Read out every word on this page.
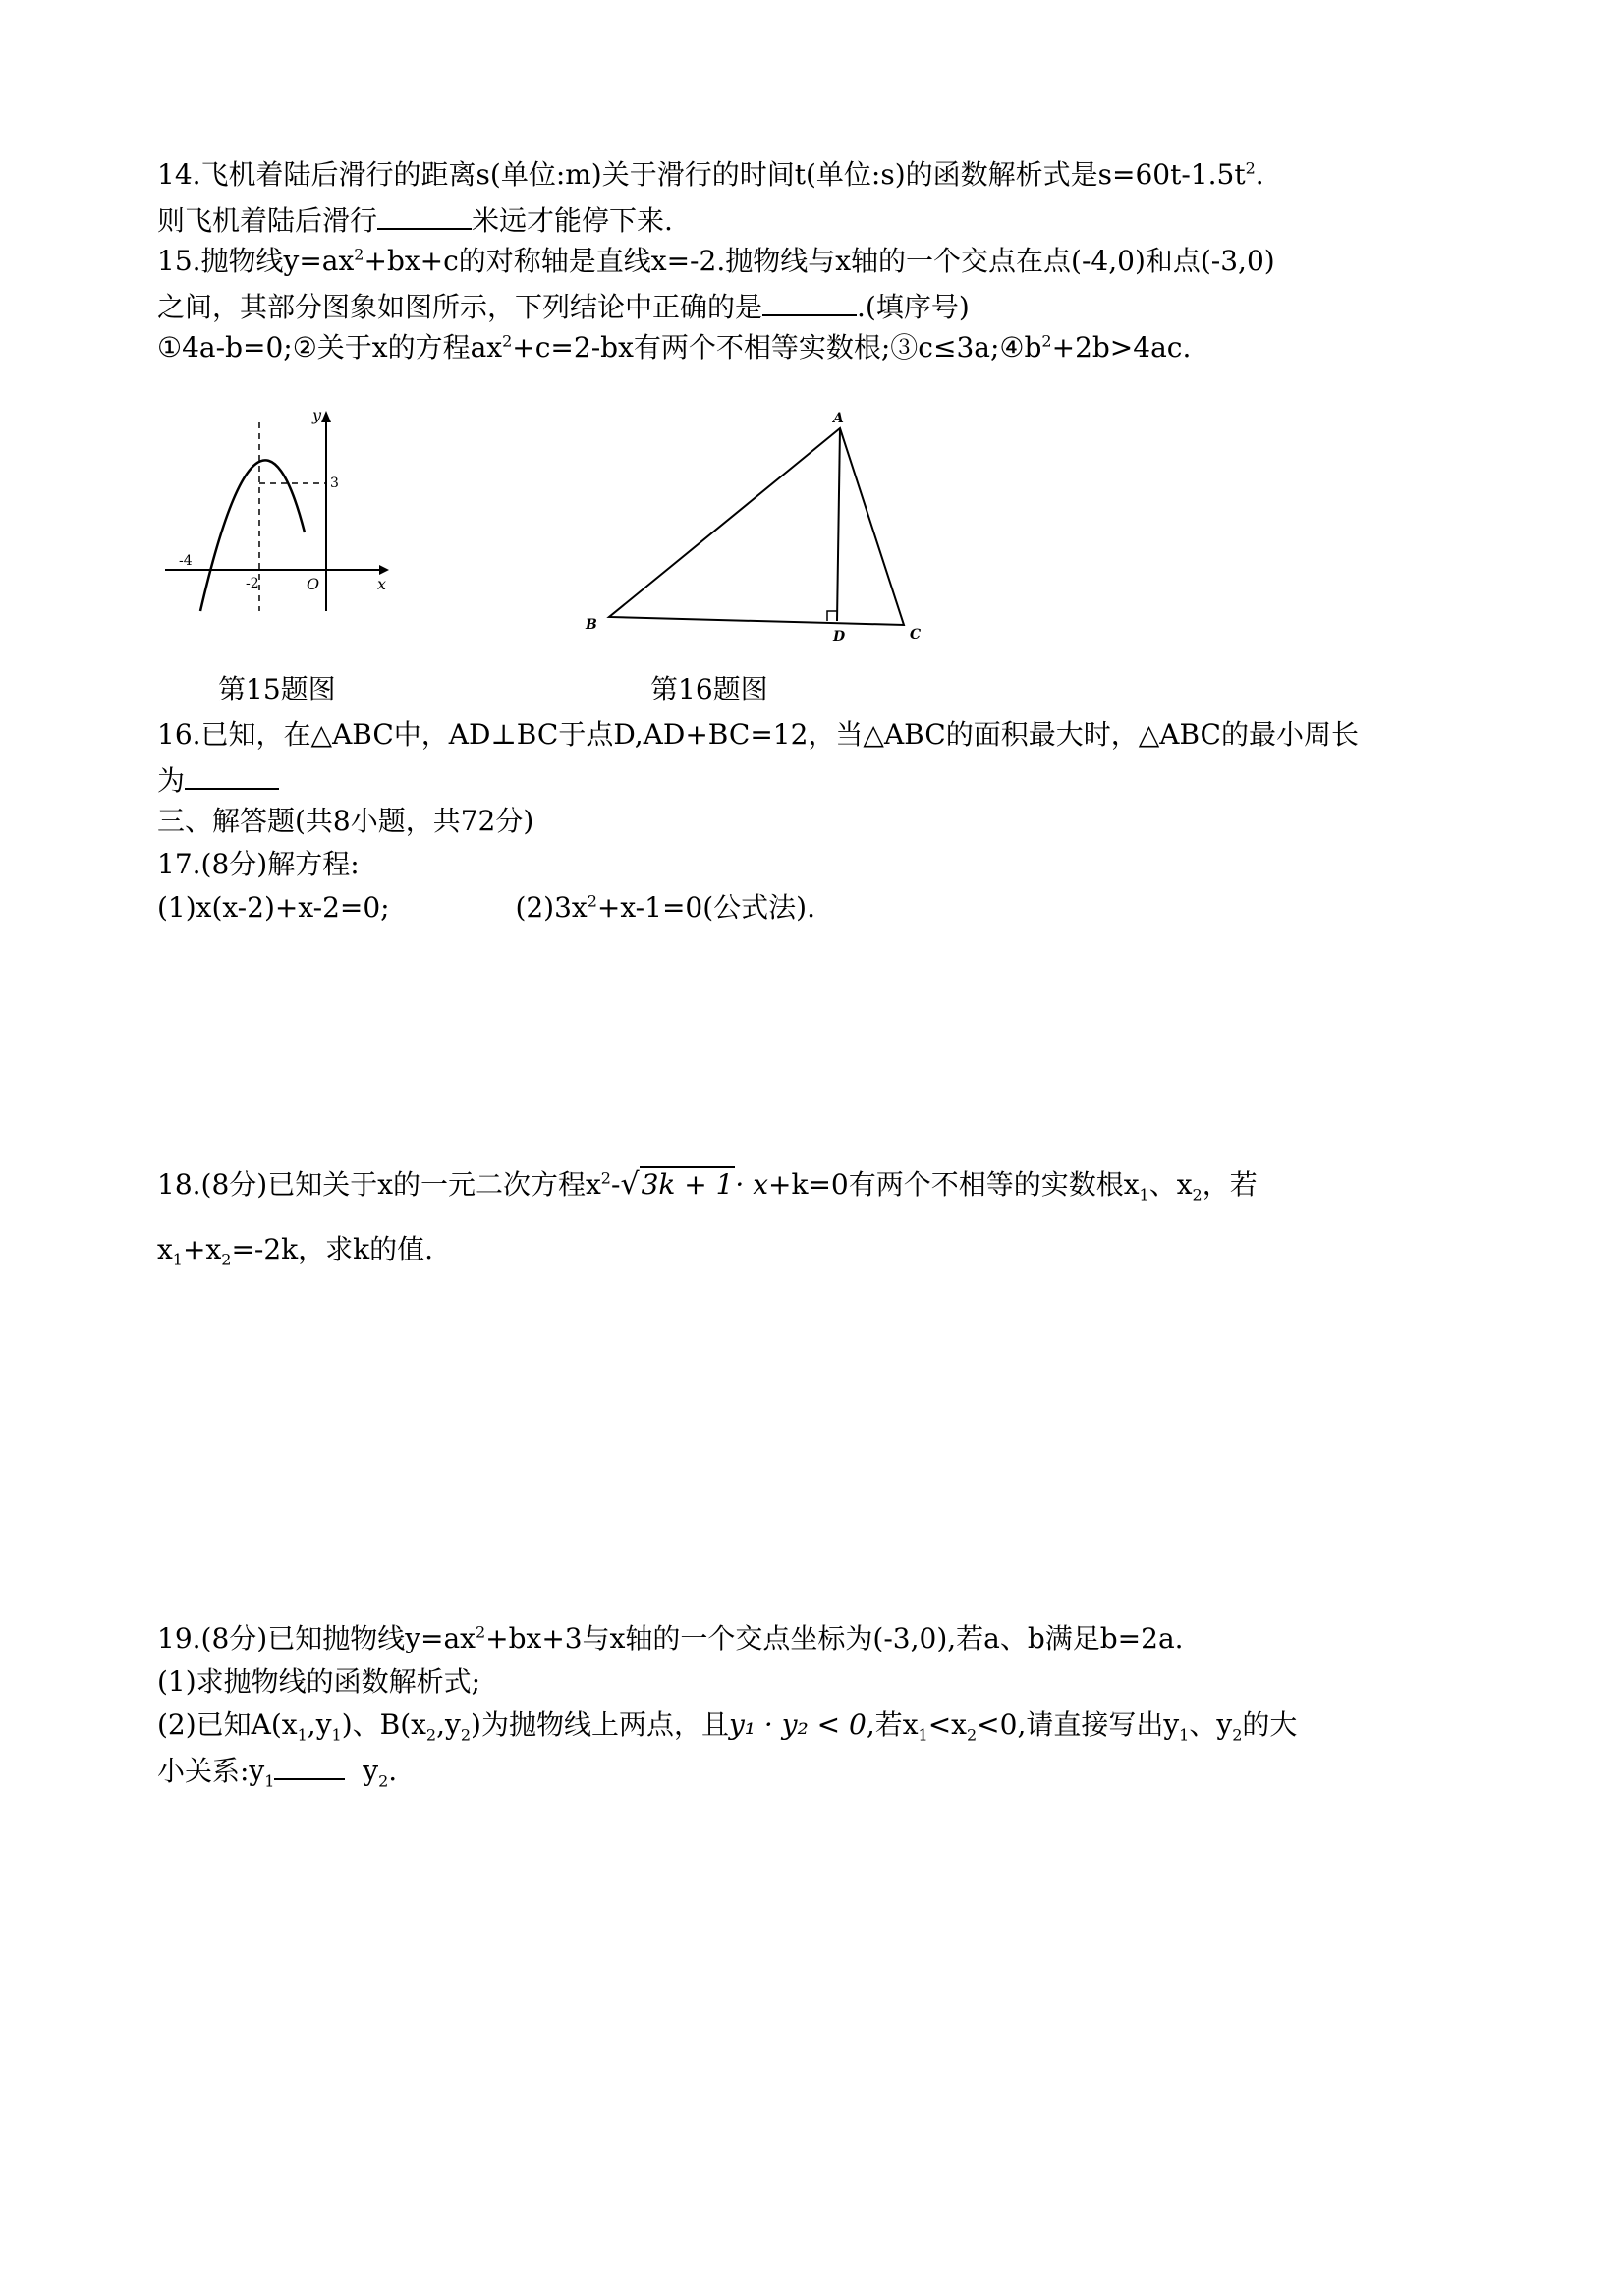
14.飞机着陆后滑行的距离s(单位:m)关于滑行的时间t(单位:s)的函数解析式是$s=60t-1.5t^2$.
则飞机着陆后滑行	米远才能停下来.
15.抛物线$y=ax^2+bx+c$的对称轴是直线x=-2.抛物线与x轴的一个交点在点(-4,0)和点(-3,0)
之间，其部分图象如图所示，下列结论中正确的是	.(填序号)
①4a-b=0;②关于x的方程$ax^2+c=2-bx$有两个不相等实数根$;③c\le 3a;④b^2+2b>4ac$.
y
x
O
-4
-2
3
A
B
C
D
第15题图	第16题图
16.已知，在△ABC中，AD⊥BC于点D,AD+BC=12，当△ABC的面积最大时，△ABC的最小周长
为
三、解答题(共8小题，共72分)
17.(8分)解方程:
(1)x(x-2)+x-2=0;	$(2)3x^2+x-1=0$(公式法).
18.(8分)已知关于x的一元二次方程$x^2-√3k + 1\cdot x+k=0$有两个不相等的实数根$x_1$、$x_2$，若
$x_1+x_2=-2k$，求k的值.
19.(8分)已知抛物线$y=ax^2+bx+3$与x轴的一个交点坐标为(-3,0),若a、b满足b=2a.
(1)求抛物线的函数解析式;
(2)已知$A(x_1,y_1)$、$B(x_2,y_2)$为抛物线上两点，且y₁ · y₂ < 0,若$x_1<x_2<0$,请直接写出$y_1$、$y_2$的大
小关系$:y_1$	$y_2$.
